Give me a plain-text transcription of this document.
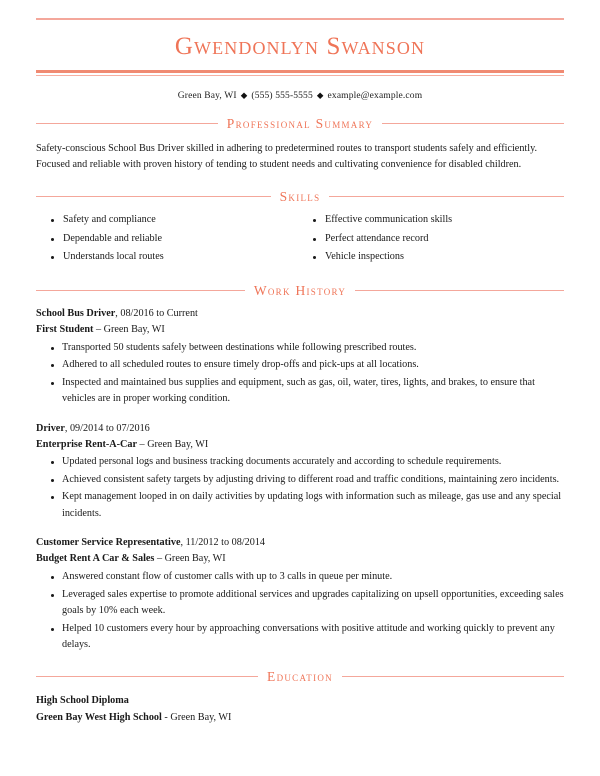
Gwendonlyn Swanson
Green Bay, WI ◆ (555) 555-5555 ◆ example@example.com
Professional Summary

Safety-conscious School Bus Driver skilled in adhering to predetermined routes to transport students safely and efficiently. Focused and reliable with proven history of tending to student needs and cultivating convenience for disabled children.

Skills
Safety and compliance
Dependable and reliable
Understands local routes
Effective communication skills
Perfect attendance record
Vehicle inspections
Work History
School Bus Driver, 08/2016 to Current
First Student – Green Bay, WI
Transported 50 students safely between destinations while following prescribed routes.
Adhered to all scheduled routes to ensure timely drop-offs and pick-ups at all locations.
Inspected and maintained bus supplies and equipment, such as gas, oil, water, tires, lights, and brakes, to ensure that vehicles are in proper working condition.
Driver, 09/2014 to 07/2016
Enterprise Rent-A-Car – Green Bay, WI
Updated personal logs and business tracking documents accurately and according to schedule requirements.
Achieved consistent safety targets by adjusting driving to different road and traffic conditions, maintaining zero incidents.
Kept management looped in on daily activities by updating logs with information such as mileage, gas use and any special incidents.
Customer Service Representative, 11/2012 to 08/2014
Budget Rent A Car & Sales – Green Bay, WI
Answered constant flow of customer calls with up to 3 calls in queue per minute.
Leveraged sales expertise to promote additional services and upgrades capitalizing on upsell opportunities, exceeding sales goals by 10% each week.
Helped 10 customers every hour by approaching conversations with positive attitude and working quickly to prevent any delays.
Education
High School Diploma
Green Bay West High School - Green Bay, WI
